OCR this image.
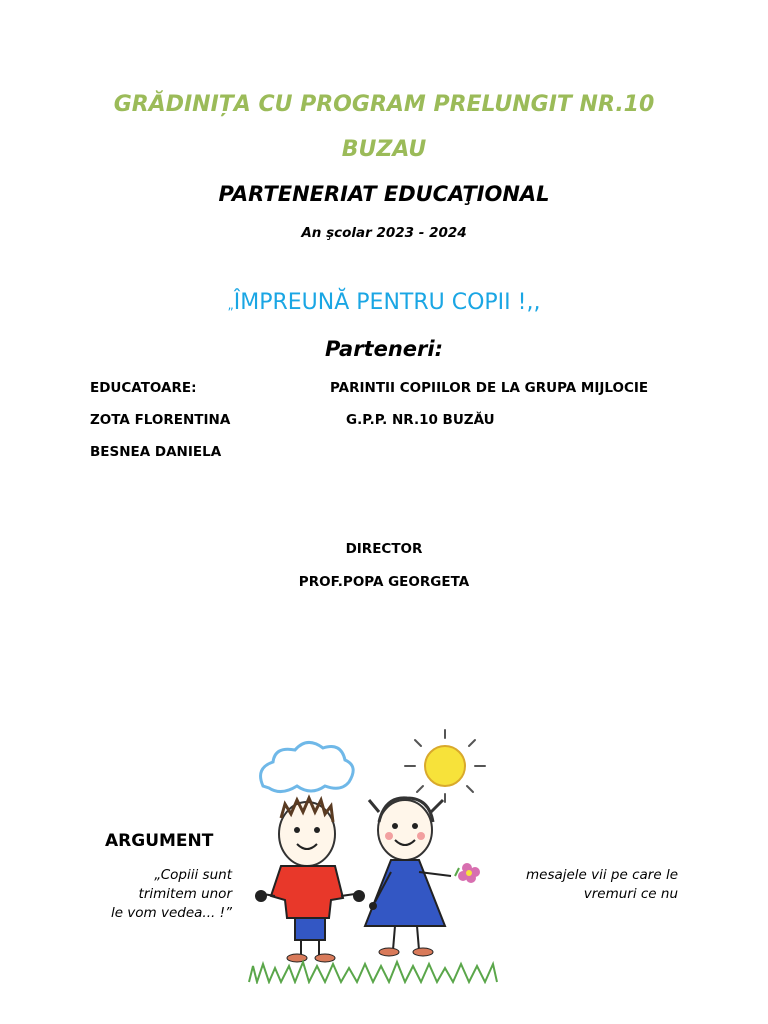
GRĂDINIȚA CU PROGRAM PRELUNGIT NR.10
BUZAU
PARTENERIAT EDUCAŢIONAL
An şcolar 2023 - 2024
„ÎMPREUNĂ PENTRU COPII !,,
Parteneri:
EDUCATOARE:
ZOTA FLORENTINA
BESNEA DANIELA
PARINTII COPIILOR DE LA GRUPA MIJLOCIE
G.P.P. NR.10 BUZĂU
DIRECTOR
PROF.POPA GEORGETA
ARGUMENT
„Copiii sunt
trimitem unor
le vom vedea... !”
mesajele vii pe care le
vremuri ce nu
